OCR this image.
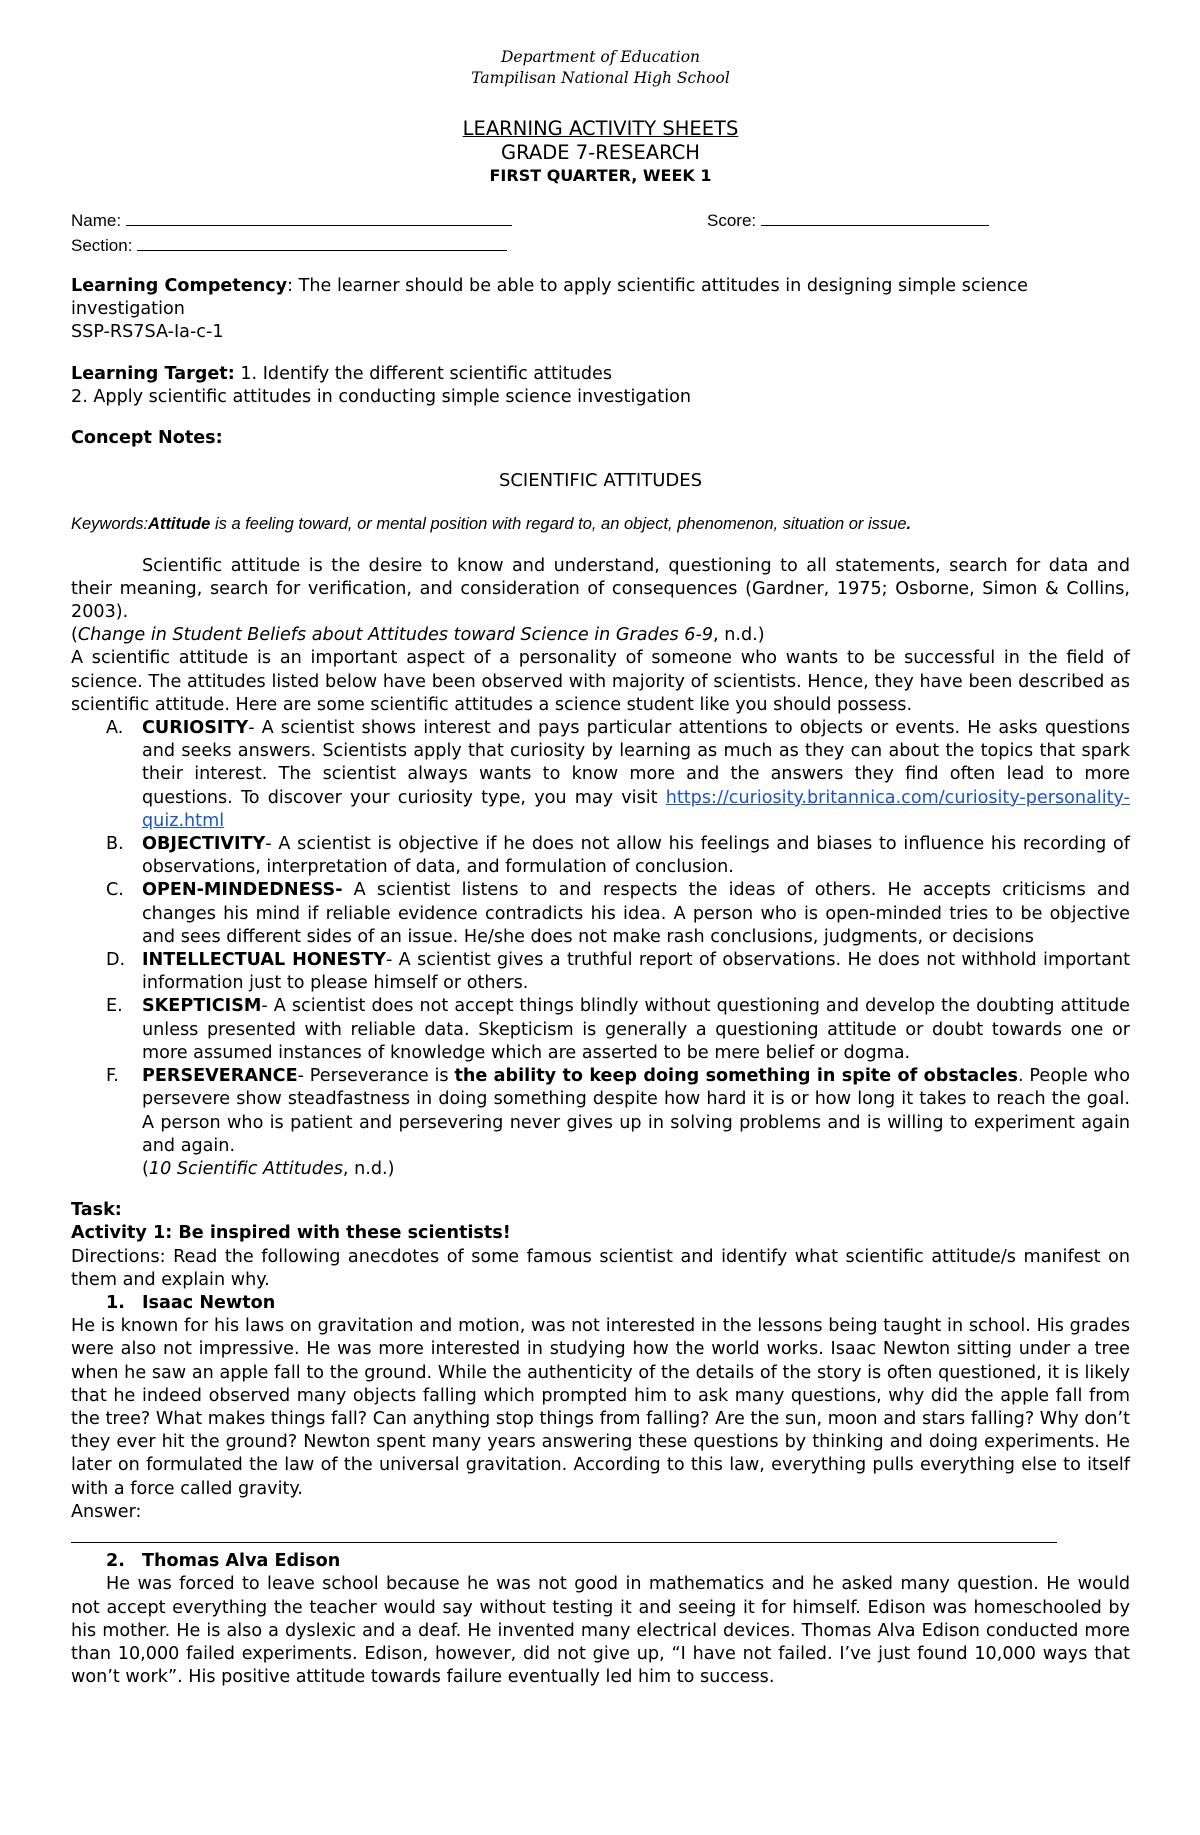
Department of Education
Tampilisan National High School
LEARNING ACTIVITY SHEETS
GRADE 7-RESEARCH
FIRST QUARTER, WEEK 1
Name:	Score:
Section:

Learning Competency: The learner should be able to apply scientific attitudes in designing simple science investigation

SSP-RS7SA-Ia-c-1

Learning Target: 1. Identify the different scientific attitudes

2. Apply scientific attitudes in conducting simple science investigation

Concept Notes:

SCIENTIFIC ATTITUDES

Keywords:Attitude is a feeling toward, or mental position with regard to, an object, phenomenon, situation or issue.

Scientific attitude is the desire to know and understand, questioning to all statements, search for data and their meaning, search for verification, and consideration of consequences (Gardner, 1975; Osborne, Simon & Collins, 2003).

(Change in Student Beliefs about Attitudes toward Science in Grades 6-9, n.d.)

A scientific attitude is an important aspect of a personality of someone who wants to be successful in the field of science. The attitudes listed below have been observed with majority of scientists. Hence, they have been described as scientific attitude. Here are some scientific attitudes a science student like you should possess.

A. CURIOSITY- A scientist shows interest and pays particular attentions to objects or events. He asks questions and seeks answers. Scientists apply that curiosity by learning as much as they can about the topics that spark their interest. The scientist always wants to know more and the answers they find often lead to more questions. To discover your curiosity type, you may visit https://curiosity.britannica.com/curiosity-personality-quiz.html
B. OBJECTIVITY- A scientist is objective if he does not allow his feelings and biases to influence his recording of observations, interpretation of data, and formulation of conclusion.
C. OPEN-MINDEDNESS- A scientist listens to and respects the ideas of others. He accepts criticisms and changes his mind if reliable evidence contradicts his idea. A person who is open-minded tries to be objective and sees different sides of an issue. He/she does not make rash conclusions, judgments, or decisions
D. INTELLECTUAL HONESTY- A scientist gives a truthful report of observations. He does not withhold important information just to please himself or others.
E. SKEPTICISM- A scientist does not accept things blindly without questioning and develop the doubting attitude unless presented with reliable data. Skepticism is generally a questioning attitude or doubt towards one or more assumed instances of knowledge which are asserted to be mere belief or dogma.
F. PERSEVERANCE- Perseverance is the ability to keep doing something in spite of obstacles. People who persevere show steadfastness in doing something despite how hard it is or how long it takes to reach the goal. A person who is patient and persevering never gives up in solving problems and is willing to experiment again and again.
(10 Scientific Attitudes, n.d.)

Task:

Activity 1: Be inspired with these scientists!

Directions: Read the following anecdotes of some famous scientist and identify what scientific attitude/s manifest on them and explain why.

1. Isaac Newton

He is known for his laws on gravitation and motion, was not interested in the lessons being taught in school. His grades were also not impressive. He was more interested in studying how the world works. Isaac Newton sitting under a tree when he saw an apple fall to the ground. While the authenticity of the details of the story is often questioned, it is likely that he indeed observed many objects falling which prompted him to ask many questions, why did the apple fall from the tree? What makes things fall? Can anything stop things from falling? Are the sun, moon and stars falling? Why don’t they ever hit the ground? Newton spent many years answering these questions by thinking and doing experiments. He later on formulated the law of the universal gravitation. According to this law, everything pulls everything else to itself with a force called gravity.

Answer:

2. Thomas Alva Edison

He was forced to leave school because he was not good in mathematics and he asked many question. He would not accept everything the teacher would say without testing it and seeing it for himself. Edison was homeschooled by his mother. He is also a dyslexic and a deaf. He invented many electrical devices. Thomas Alva Edison conducted more than 10,000 failed experiments. Edison, however, did not give up, “I have not failed. I’ve just found 10,000 ways that won’t work”. His positive attitude towards failure eventually led him to success.
